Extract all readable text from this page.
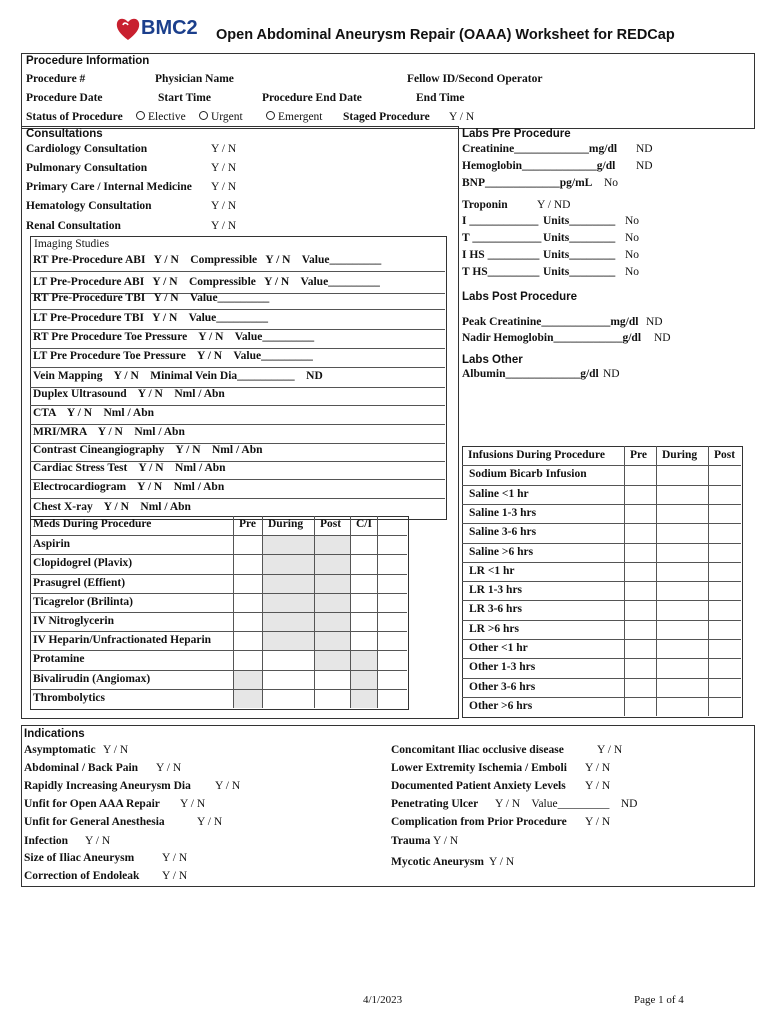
BMC2 Open Abdominal Aneurysm Repair (OAAA) Worksheet for REDCap
Procedure Information
Procedure #	Physician Name	Fellow ID/Second Operator
Procedure Date	Start Time	Procedure End Date	End Time
Status of Procedure	Elective	Urgent	Emergent Staged Procedure Y / N
Consultations
Imaging Studies
Labs Pre Procedure
Labs Post Procedure
Labs Other
Indications
4/1/2023	Page 1 of 4
Cardiology Consultation	Y / N
Pulmonary Consultation	Y / N
Primary Care / Internal Medicine Y / N
Hematology Consultation	Y / N
Renal Consultation	Y / N
RT Pre-Procedure ABI   Y / N    Compressible   Y / N    Value_________
LT Pre-Procedure ABI   Y / N    Compressible   Y / N    Value_________
RT Pre-Procedure TBI   Y / N    Value_________
LT Pre-Procedure TBI   Y / N    Value_________
RT Pre Procedure Toe Pressure    Y / N    Value_________
LT Pre Procedure Toe Pressure    Y / N    Value_________
Vein Mapping    Y / N    Minimal Vein Dia__________    ND
Duplex Ultrasound    Y / N    Nml / Abn
CTA    Y / N    Nml / Abn
MRI/MRA    Y / N    Nml / Abn
Contrast Cineangiography    Y / N    Nml / Abn
Cardiac Stress Test    Y / N    Nml / Abn
Electrocardiogram    Y / N    Nml / Abn
Chest X-ray    Y / N    Nml / Abn
Meds During Procedure	Pre During Post C/I
Aspirin
Clopidogrel (Plavix)
Prasugrel (Effient)
Ticagrelor (Brilinta)
IV Nitroglycerin
IV Heparin/Unfractionated Heparin
Protamine
Bivalirudin (Angiomax)
Thrombolytics
Creatinine_____________mg/dl ND
Hemoglobin_____________g/dl ND
BNP_____________pg/mL No
Troponin	Y / ND
I ____________ Units________ No
T ____________ Units________ No
I HS _________ Units________ No
T HS_________ Units________ No
Peak Creatinine____________mg/dl ND
Nadir Hemoglobin____________g/dl ND
Albumin_____________g/dl ND
Infusions During Procedure Pre During Post
Sodium Bicarb Infusion
Saline <1 hr
Saline 1-3 hrs
Saline 3-6 hrs
Saline >6 hrs
LR <1 hr
LR 1-3 hrs
LR 3-6 hrs
LR >6 hrs
Other <1 hr
Other 1-3 hrs
Other 3-6 hrs
Other >6 hrs
Asymptomatic Y / N
Abdominal / Back Pain Y / N
Rapidly Increasing Aneurysm Dia Y / N
Unfit for Open AAA Repair Y / N
Unfit for General Anesthesia	Y / N
Infection Y / N
Size of Iliac Aneurysm Y / N
Correction of Endoleak Y / N
Concomitant Iliac occlusive disease	Y / N
Lower Extremity Ischemia / Emboli Y / N
Documented Patient Anxiety Levels Y / N
Penetrating Ulcer Y / N    Value_________    ND
Complication from Prior Procedure Y / N
Trauma Y / N
Mycotic Aneurysm Y / N
